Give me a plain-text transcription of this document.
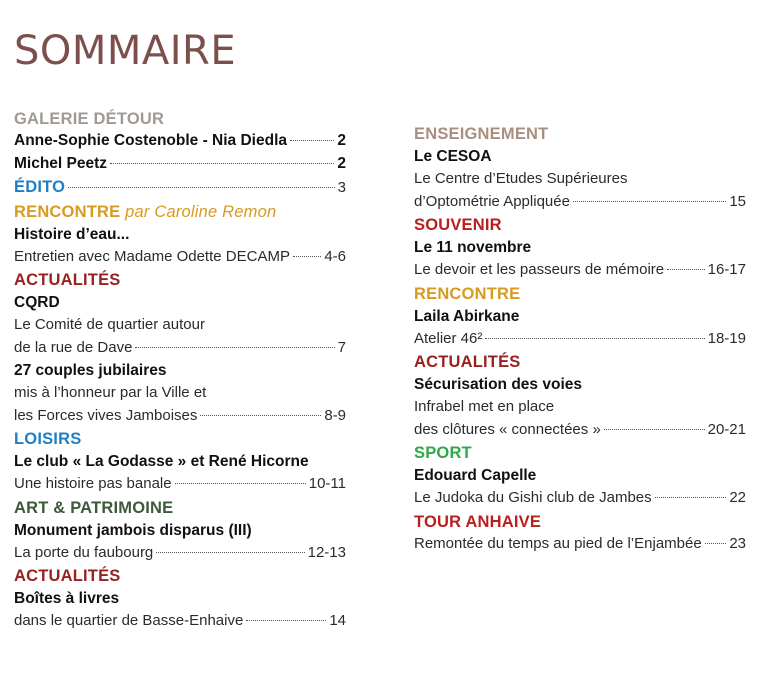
SOMMAIRE
GALERIE DÉTOUR
Anne-Sophie Costenoble - Nia Diedla	2
Michel Peetz	2
ÉDITO	3
RENCONTRE par Caroline Remon
Histoire d’eau...
Entretien avec Madame Odette DECAMP 4-6
ACTUALITÉS
CQRD
Le Comité de quartier autour
de la rue de Dave	7
27 couples jubilaires
mis à l’honneur par la Ville et
les Forces vives Jamboises	8-9
LOISIRS
Le club « La Godasse » et René Hicorne
Une histoire pas banale	10-11
ART & PATRIMOINE
Monument jambois disparus (III)
La porte du faubourg	12-13
ACTUALITÉS
Boîtes à livres
dans le quartier de Basse-Enhaive	14
ENSEIGNEMENT
Le CESOA
Le Centre d’Etudes Supérieures
d’Optométrie Appliquée	15
SOUVENIR
Le 11 novembre
Le devoir et les passeurs de mémoire	16-17
RENCONTRE
Laila Abirkane
Atelier 46²	18-19
ACTUALITÉS
Sécurisation des voies
Infrabel met en place
des clôtures « connectées »	20-21
SPORT
Edouard Capelle
Le Judoka du Gishi club de Jambes	22
TOUR ANHAIVE
Remontée du temps au pied de l’Enjambée 23
